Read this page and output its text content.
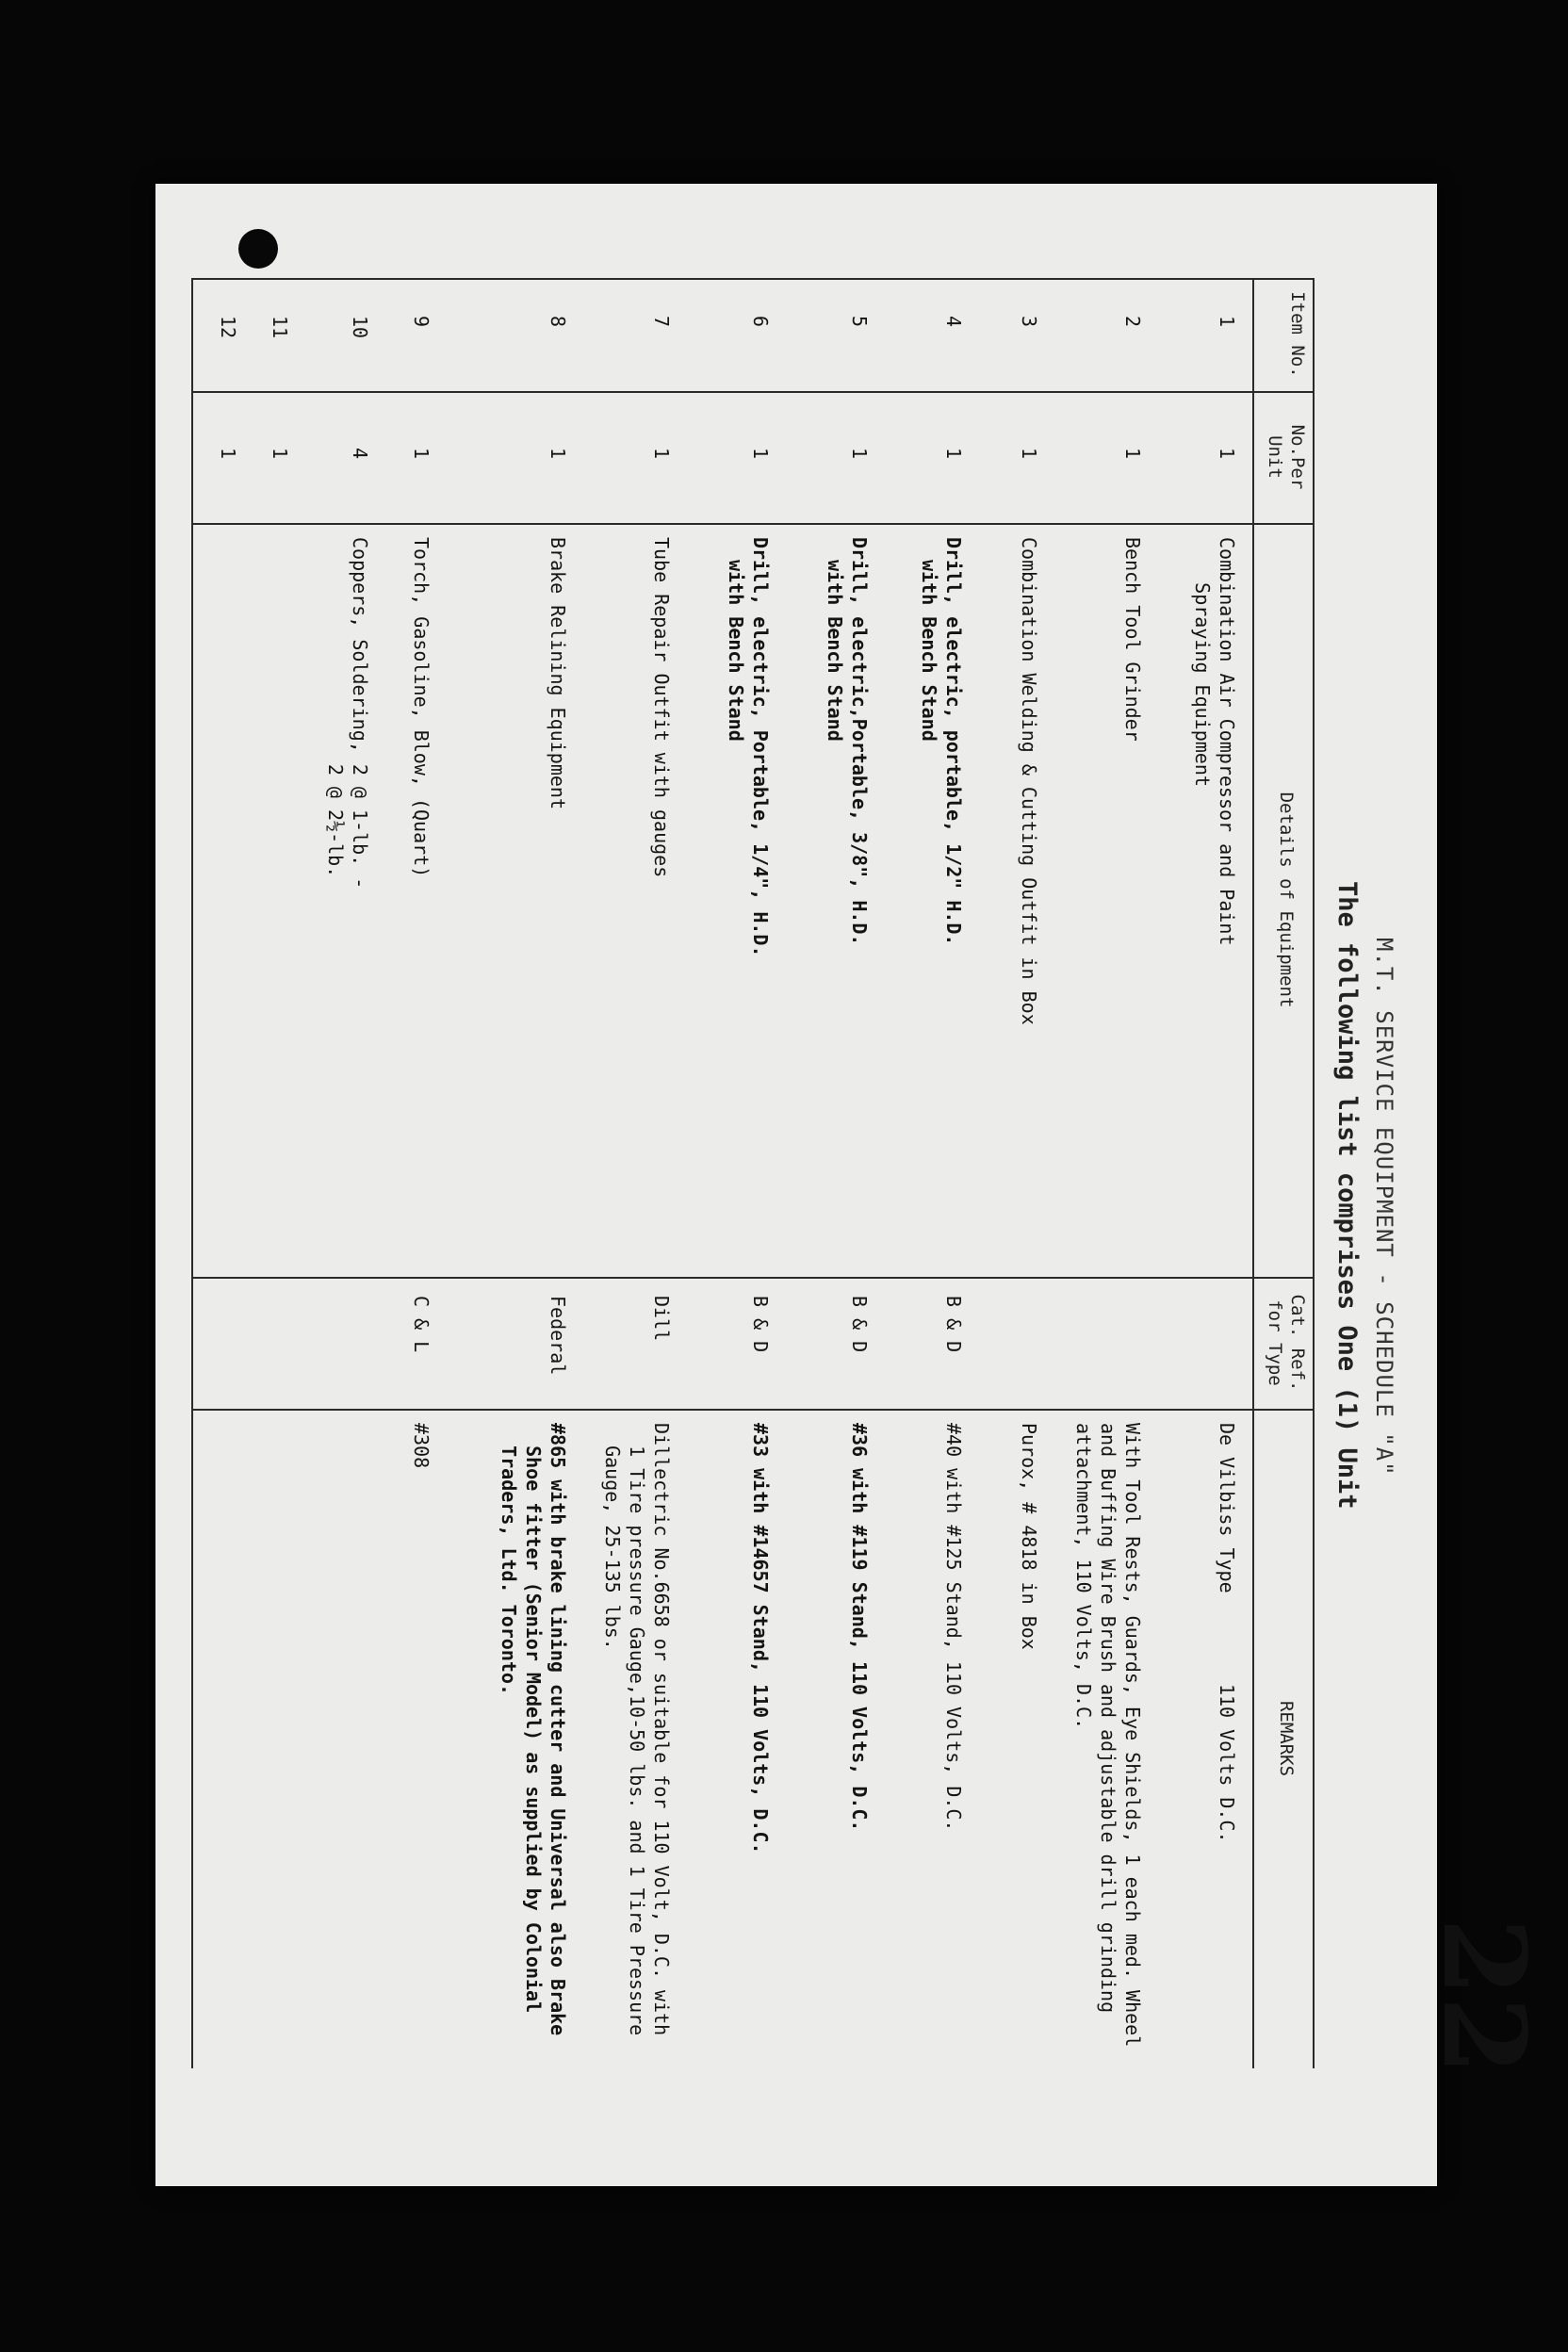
M.T. SERVICE EQUIPMENT - SCHEDULE "A"
The following list comprises One (1) Unit
Item No.
No.Per Unit
Details of Equipment
Cat. Ref. for Type
REMARKS
1
1
Combination Air Compressor and Paint
Spraying Equipment
De Vilbiss Type        110 Volts D.C.
2
1
Bench Tool Grinder
With Tool Rests, Guards, Eye Shields, 1 each med. Wheel
and Buffing Wire Brush and adjustable drill grinding
attachment, 110 Volts, D.C.
3
1
Combination Welding & Cutting Outfit in Box
Purox, # 4818 in Box
4
1
Drill, electric, portable, 1/2" H.D.
with Bench Stand
B & D
#40 with #125 Stand, 110 Volts, D.C.
5
1
Drill, electric,Portable, 3/8", H.D.
with Bench Stand
B & D
#36 with #119 Stand, 110 Volts, D.C.
6
1
Drill, electric, Portable, 1/4", H.D.
with Bench Stand
B & D
#33 with #14657 Stand, 110 Volts, D.C.
7
1
Tube Repair Outfit with gauges
Dill
Dillectric No.6658 or suitable for 110 Volt, D.C. with
1 Tire pressure Gauge,10-50 lbs. and 1 Tire Pressure
Gauge, 25-135 lbs.
8
1
Brake Relining Equipment
Federal
#865 with brake lining cutter and Universal also Brake
Shoe fitter (Senior Model) as supplied by Colonial
Traders, Ltd. Toronto.
9
1
Torch, Gasoline, Blow, (Quart)
C & L
#308
10
4
Coppers, Soldering, 2 @ 1-lb. -
2 @ 2½-lb.
11
1
12
1
22
